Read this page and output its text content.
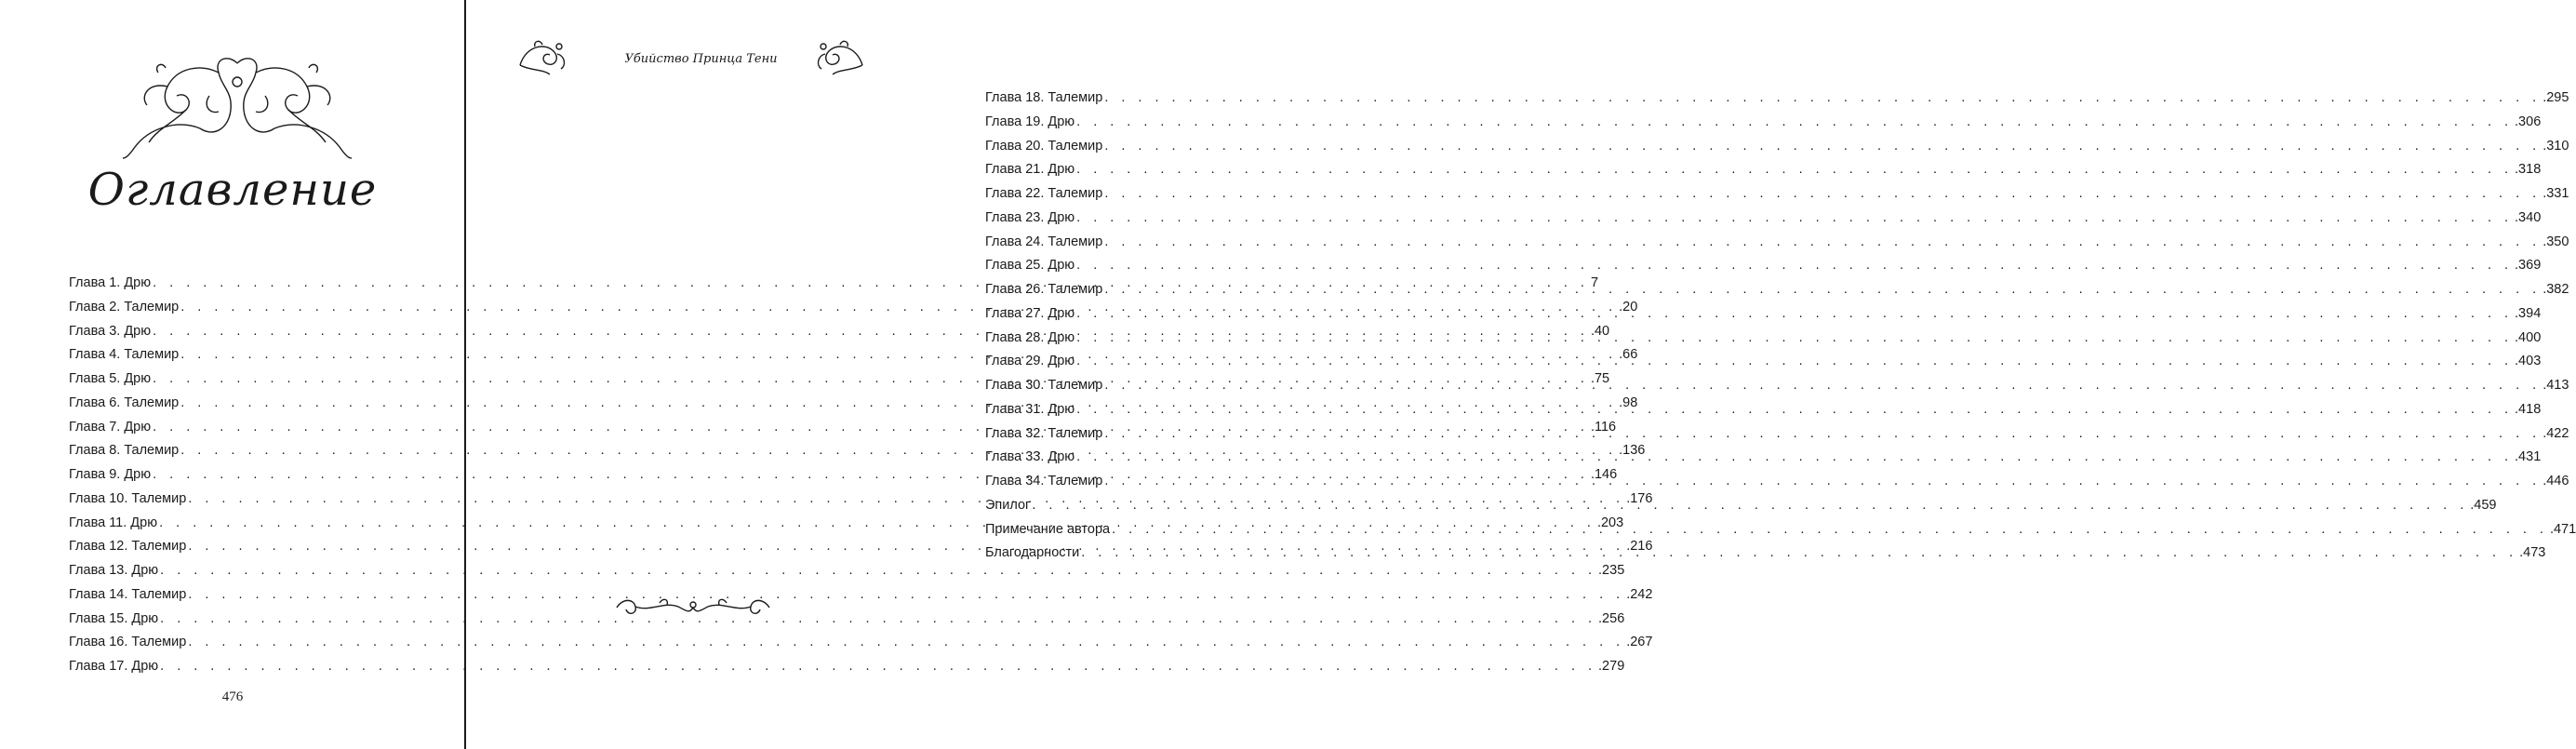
Оглавление
Глава 1. Дрю . . .	7
Глава 2. Талемир . . .	.20
Глава 3. Дрю . . .	.40
Глава 4. Талемир . . .	.66
Глава 5. Дрю . . .	.75
Глава 6. Талемир . . .	.98
Глава 7. Дрю . . .	.116
Глава 8. Талемир . . .	.136
Глава 9. Дрю . . .	.146
Глава 10. Талемир . . .	.176
Глава 11. Дрю . . .	.203
Глава 12. Талемир . . .	.216
Глава 13. Дрю . . .	.235
Глава 14. Талемир . . .	.242
Глава 15. Дрю . . .	.256
Глава 16. Талемир . . .	.267
Глава 17. Дрю . . .	.279
476
Убийство Принца Тени
Глава 18. Талемир . . .	.295
Глава 19. Дрю . . .	.306
Глава 20. Талемир . . .	.310
Глава 21. Дрю . . .	.318
Глава 22. Талемир . . .	.331
Глава 23. Дрю . . .	.340
Глава 24. Талемир . . .	.350
Глава 25. Дрю . . .	.369
Глава 26. Талемир . . .	.382
Глава 27. Дрю . . .	.394
Глава 28. Дрю . . .	.400
Глава 29. Дрю . . .	.403
Глава 30. Талемир . . .	.413
Глава 31. Дрю . . .	.418
Глава 32. Талемир . . .	.422
Глава 33. Дрю . . .	.431
Глава 34. Талемир . . .	.446
Эпилог . . .	.459
Примечание автора . . .	.471
Благодарности . . .	.473
